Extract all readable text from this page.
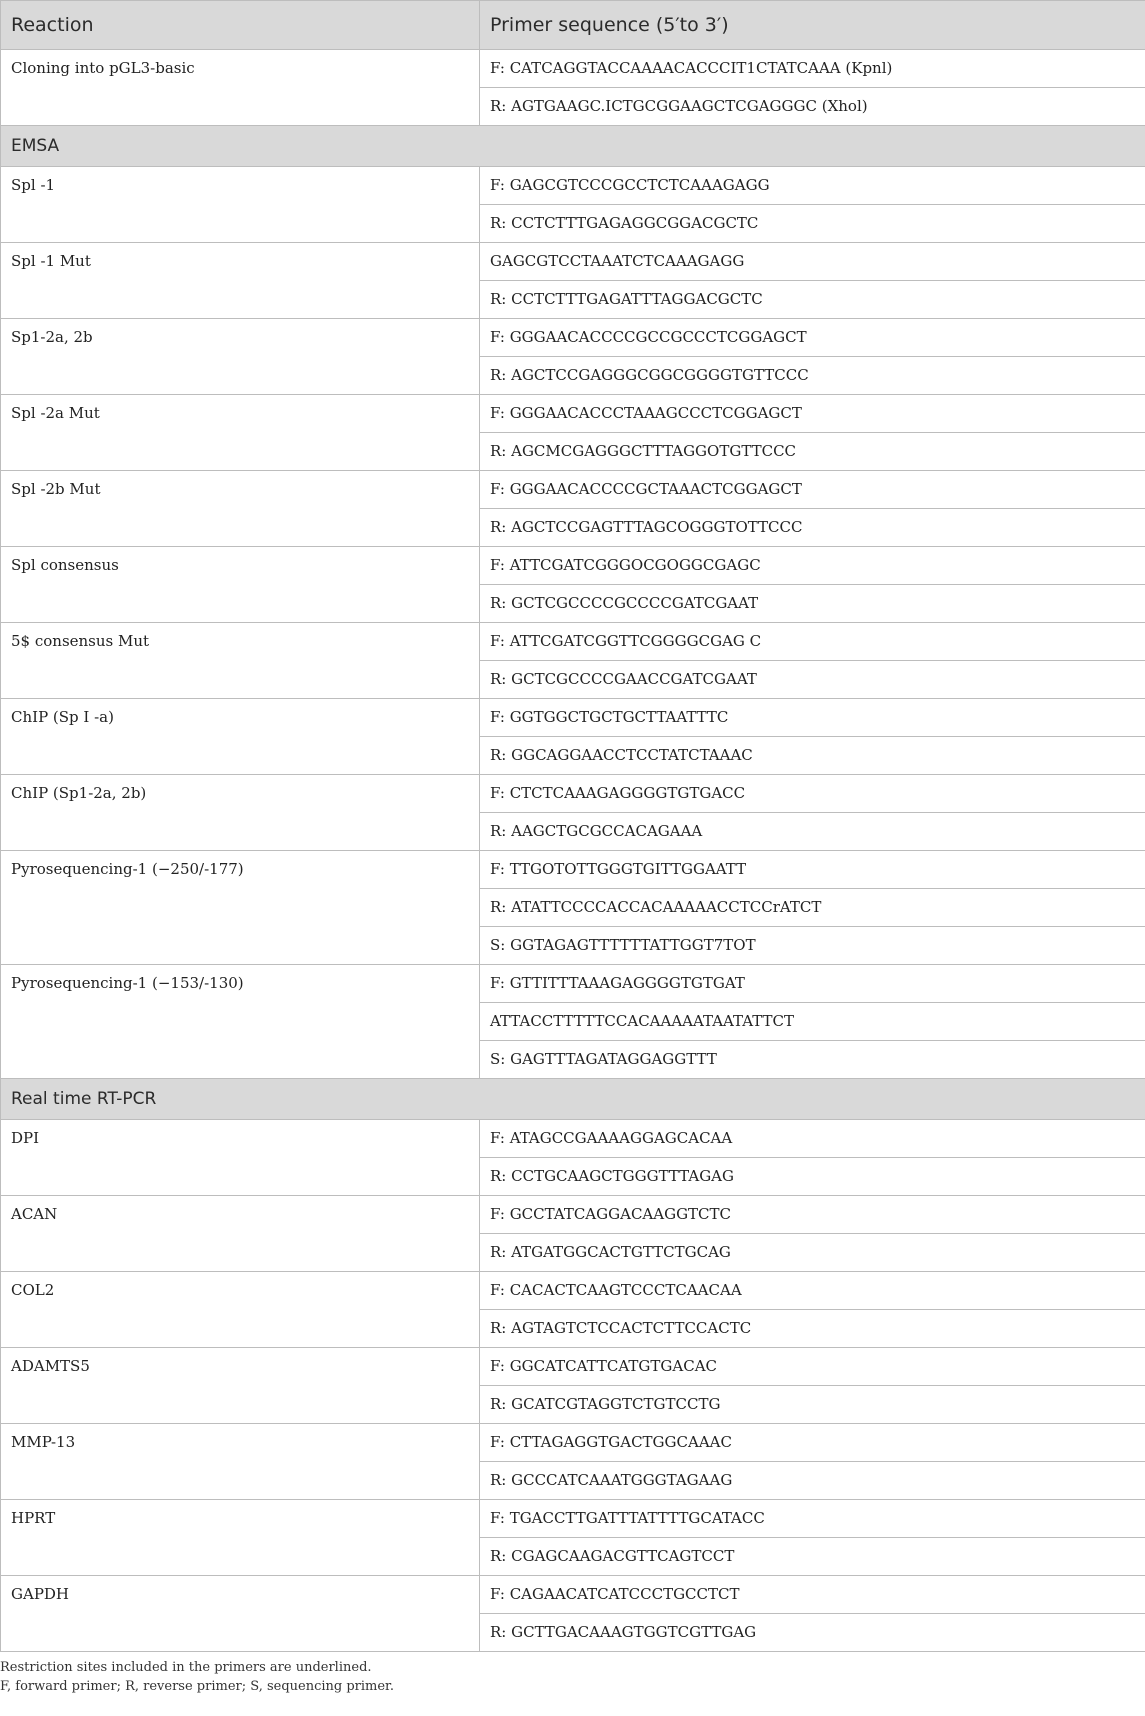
Reaction	Primer sequence (5′to 3′)
Cloning into pGL3-basic	F: CATCAGGTACCAAAACACCCIT1CTATCAAA (Kpnl)
	R: AGTGAAGC.ICTGCGGAAGCTCGAGGGC (Xhol)
EMSA	
Spl -1	F: GAGCGTCCCGCCTCTCAAAGAGG
	R: CCTCTTTGAGAGGCGGACGCTC
Spl -1 Mut	GAGCGTCCTAAATCTCAAAGAGG
	R: CCTCTTTGAGATTTAGGACGCTC
Sp1-2a, 2b	F: GGGAACACCCCGCCGCCCTCGGAGCT
	R: AGCTCCGAGGGCGGCGGGGTGTTCCC
Spl -2a Mut	F: GGGAACACCCTAAAGCCCTCGGAGCT
	R: AGCMCGAGGGCTTTAGGOTGTTCCC
Spl -2b Mut	F: GGGAACACCCCGCTAAACTCGGAGCT
	R: AGCTCCGAGTTTAGCOGGGTOTTCCC
Spl consensus	F: ATTCGATCGGGOCGOGGCGAGC
	R: GCTCGCCCCGCCCCGATCGAAT
5$ consensus Mut	F: ATTCGATCGGTTCGGGGCGAG C
	R: GCTCGCCCCGAACCGATCGAAT
ChIP (Sp I -a)	F: GGTGGCTGCTGCTTAATTTC
	R: GGCAGGAACCTCCTATCTAAAC
ChIP (Sp1-2a, 2b)	F: CTCTCAAAGAGGGGTGTGACC
	R: AAGCTGCGCCACAGAAA
Pyrosequencing-1 (−250/-177)	F: TTGOTOTTGGGTGITTGGAATT
	R: ATATTCCCCACCACAAAAACCTCCrATCT
	S: GGTAGAGTTTTTTATTGGT7TOT
Pyrosequencing-1 (−153/-130)	F: GTTITTTAAAGAGGGGTGTGAT
	ATTACCTTTTTCCACAAAAATAATATTCT
	S: GAGTTTAGATAGGAGGTTT
Real time RT-PCR	
DPI	F: ATAGCCGAAAAGGAGCACAA
	R: CCTGCAAGCTGGGTTTAGAG
ACAN	F: GCCTATCAGGACAAGGTCTC
	R: ATGATGGCACTGTTCTGCAG
COL2	F: CACACTCAAGTCCCTCAACAA
	R: AGTAGTCTCCACTCTTCCACTC
ADAMTS5	F: GGCATCATTCATGTGACAC
	R: GCATCGTAGGTCTGTCCTG
MMP-13	F: CTTAGAGGTGACTGGCAAAC
	R: GCCCATCAAATGGGTAGAAG
HPRT	F: TGACCTTGATTTATTTTGCATACC
	R: CGAGCAAGACGTTCAGTCCT
GAPDH	F: CAGAACATCATCCCTGCCTCT
	R: GCTTGACAAAGTGGTCGTTGAG
Restriction sites included in the primers are underlined.
F, forward primer; R, reverse primer; S, sequencing primer.
